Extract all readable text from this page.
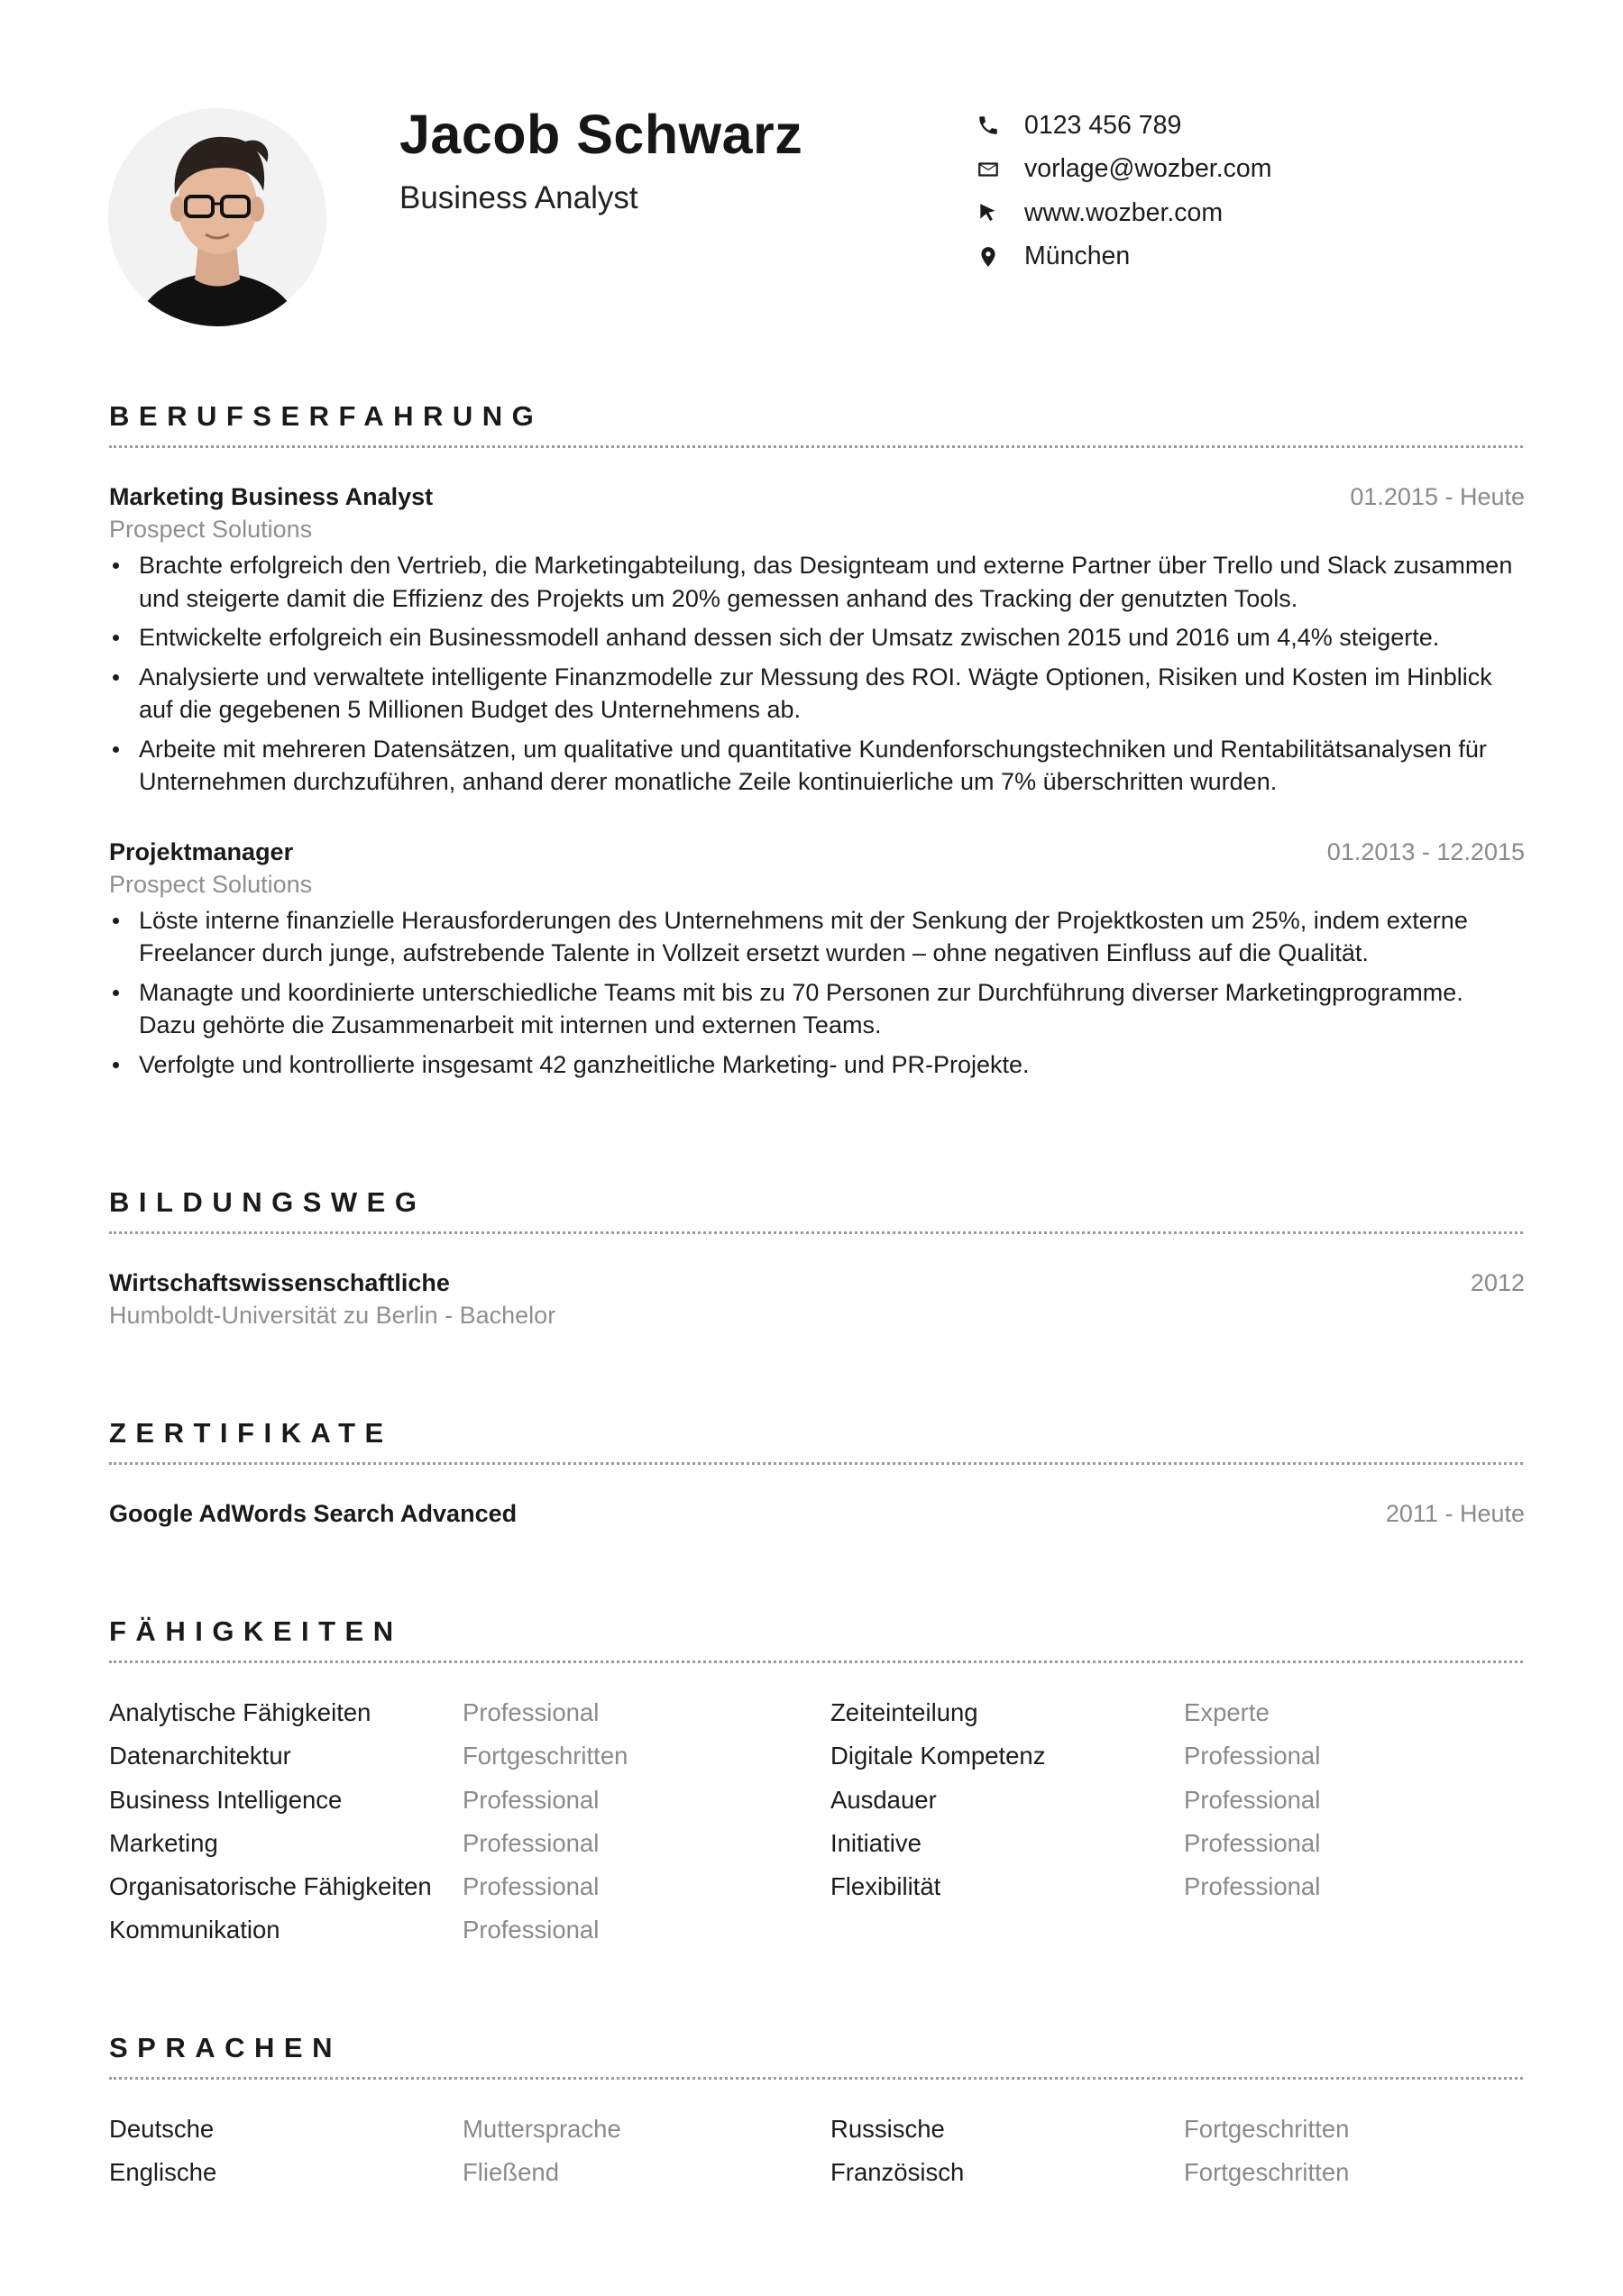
Jacob Schwarz
Business Analyst
0123 456 789
vorlage@wozber.com
www.wozber.com
München
BERUFSERFAHRUNG
Marketing Business Analyst	01.2015 - Heute
Prospect Solutions
Brachte erfolgreich den Vertrieb, die Marketingabteilung, das Designteam und externe Partner über Trello und Slack zusammen und steigerte damit die Effizienz des Projekts um 20% gemessen anhand des Tracking der genutzten Tools.
Entwickelte erfolgreich ein Businessmodell anhand dessen sich der Umsatz zwischen 2015 und 2016 um 4,4% steigerte.
Analysierte und verwaltete intelligente Finanzmodelle zur Messung des ROI. Wägte Optionen, Risiken und Kosten im Hinblick auf die gegebenen 5 Millionen Budget des Unternehmens ab.
Arbeite mit mehreren Datensätzen, um qualitative und quantitative Kundenforschungstechniken und Rentabilitätsanalysen für Unternehmen durchzuführen, anhand derer monatliche Zeile kontinuierliche um 7% überschritten wurden.
Projektmanager	01.2013 - 12.2015
Prospect Solutions
Löste interne finanzielle Herausforderungen des Unternehmens mit der Senkung der Projektkosten um 25%, indem externe Freelancer durch junge, aufstrebende Talente in Vollzeit ersetzt wurden – ohne negativen Einfluss auf die Qualität.
Managte und koordinierte unterschiedliche Teams mit bis zu 70 Personen zur Durchführung diverser Marketingprogramme. Dazu gehörte die Zusammenarbeit mit internen und externen Teams.
Verfolgte und kontrollierte insgesamt 42 ganzheitliche Marketing- und PR-Projekte.
BILDUNGSWEG
Wirtschaftswissenschaftliche	2012
Humboldt-Universität zu Berlin - Bachelor
ZERTIFIKATE
Google AdWords Search Advanced	2011 - Heute
FÄHIGKEITEN
Analytische Fähigkeiten	Professional	Zeiteinteilung	Experte
Datenarchitektur	Fortgeschritten	Digitale Kompetenz	Professional
Business Intelligence	Professional	Ausdauer	Professional
Marketing	Professional	Initiative	Professional
Organisatorische Fähigkeiten Professional	Flexibilität	Professional
Kommunikation	Professional
SPRACHEN
Deutsche	Muttersprache	Russische	Fortgeschritten
Englische	Fließend	Französisch	Fortgeschritten
